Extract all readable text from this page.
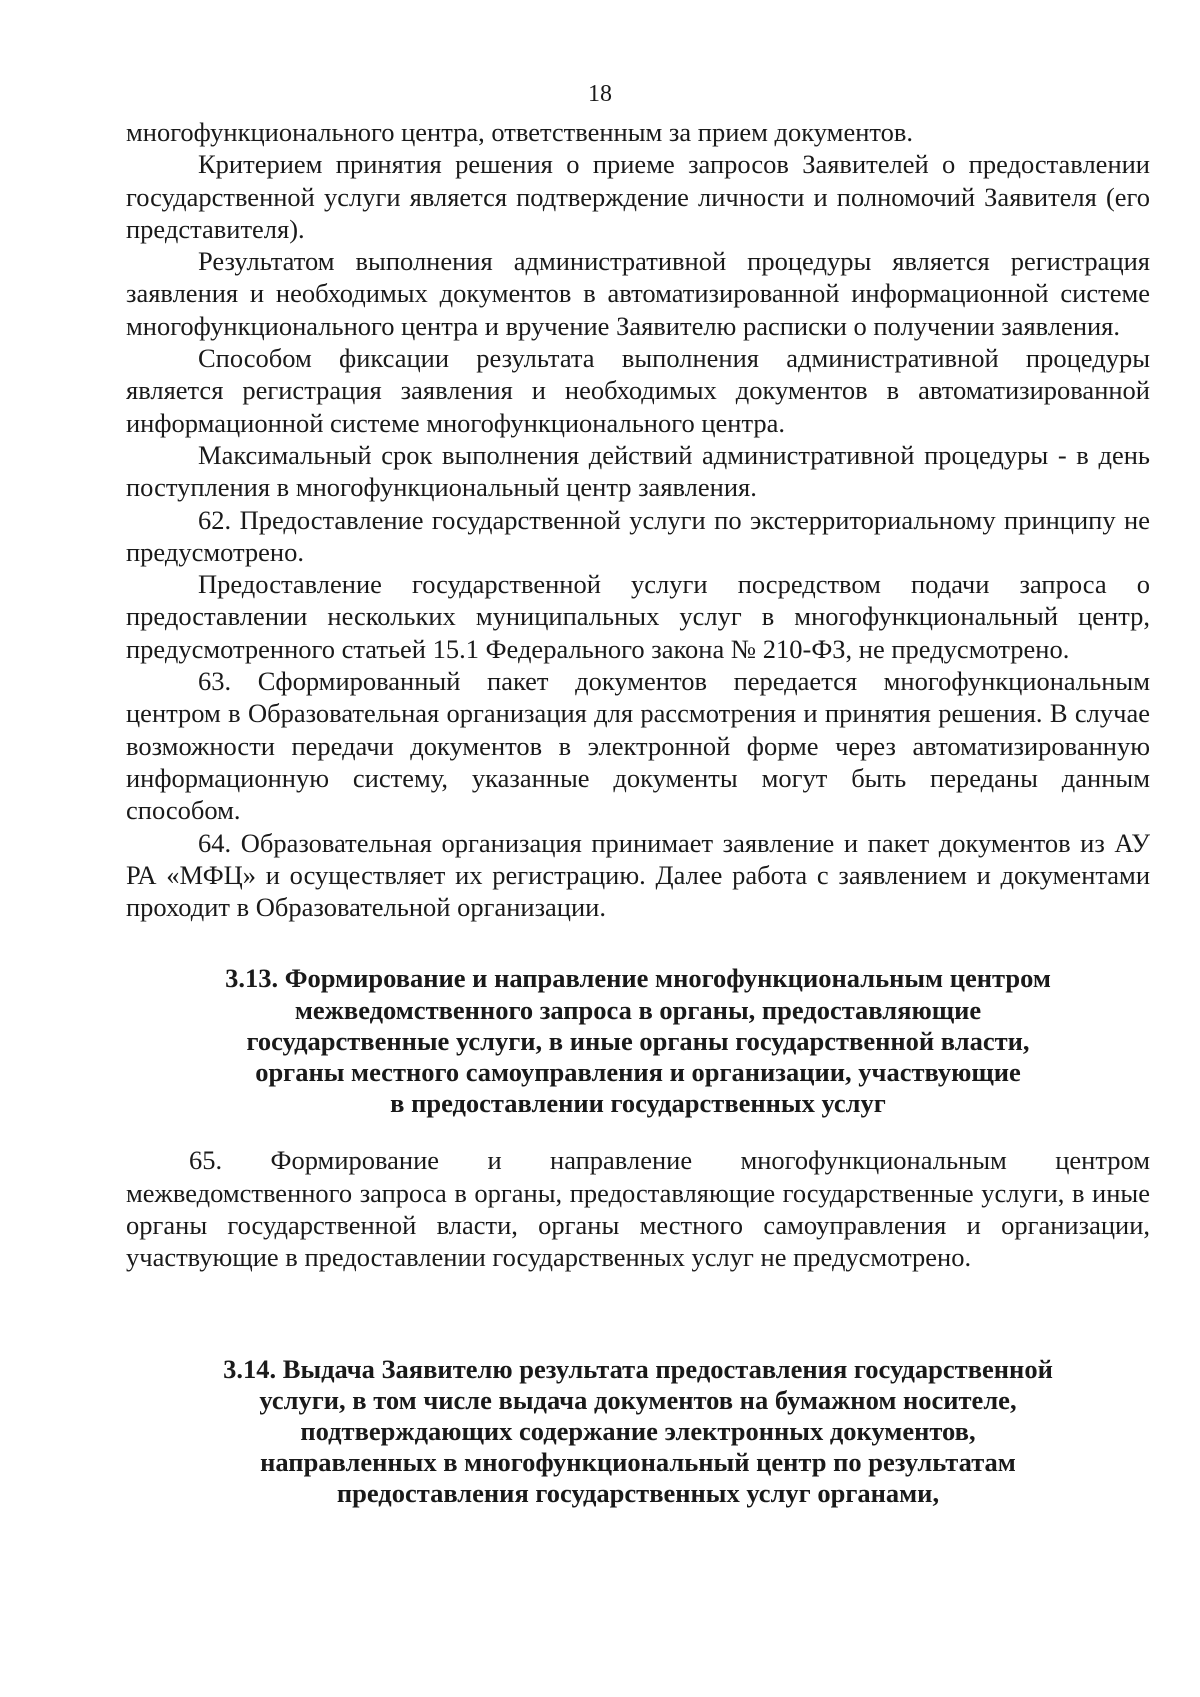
18

многофункционального центра, ответственным за прием документов.

Критерием принятия решения о приеме запросов Заявителей о предоставлении государственной услуги является подтверждение личности и полномочий Заявителя (его представителя).

Результатом выполнения административной процедуры является регистрация заявления и необходимых документов в автоматизированной информационной системе многофункционального центра и вручение Заявителю расписки о получении заявления.

Способом фиксации результата выполнения административной процедуры является регистрация заявления и необходимых документов в автоматизированной информационной системе многофункционального центра.

Максимальный срок выполнения действий административной процедуры - в день поступления в многофункциональный центр заявления.

62. Предоставление государственной услуги по экстерриториальному принципу не предусмотрено.

Предоставление государственной услуги посредством подачи запроса о предоставлении нескольких муниципальных услуг в многофункциональный центр, предусмотренного статьей 15.1 Федерального закона № 210-ФЗ, не предусмотрено.

63. Сформированный пакет документов передается многофункциональным центром в Образовательная организация для рассмотрения и принятия решения. В случае возможности передачи документов в электронной форме через автоматизированную информационную систему, указанные документы могут быть переданы данным способом.

64. Образовательная организация принимает заявление и пакет документов из АУ РА «МФЦ» и осуществляет их регистрацию. Далее работа с заявлением и документами проходит в Образовательной организации.

3.13. Формирование и направление многофункциональным центром
межведомственного запроса в органы, предоставляющие
государственные услуги, в иные органы государственной власти,
органы местного самоуправления и организации, участвующие
в предоставлении государственных услуг

65. Формирование и направление многофункциональным центром межведомственного запроса в органы, предоставляющие государственные услуги, в иные органы государственной власти, органы местного самоуправления и организации, участвующие в предоставлении государственных услуг не предусмотрено.

3.14. Выдача Заявителю результата предоставления государственной
услуги, в том числе выдача документов на бумажном носителе,
подтверждающих содержание электронных документов,
направленных в многофункциональный центр по результатам
предоставления государственных услуг органами,
